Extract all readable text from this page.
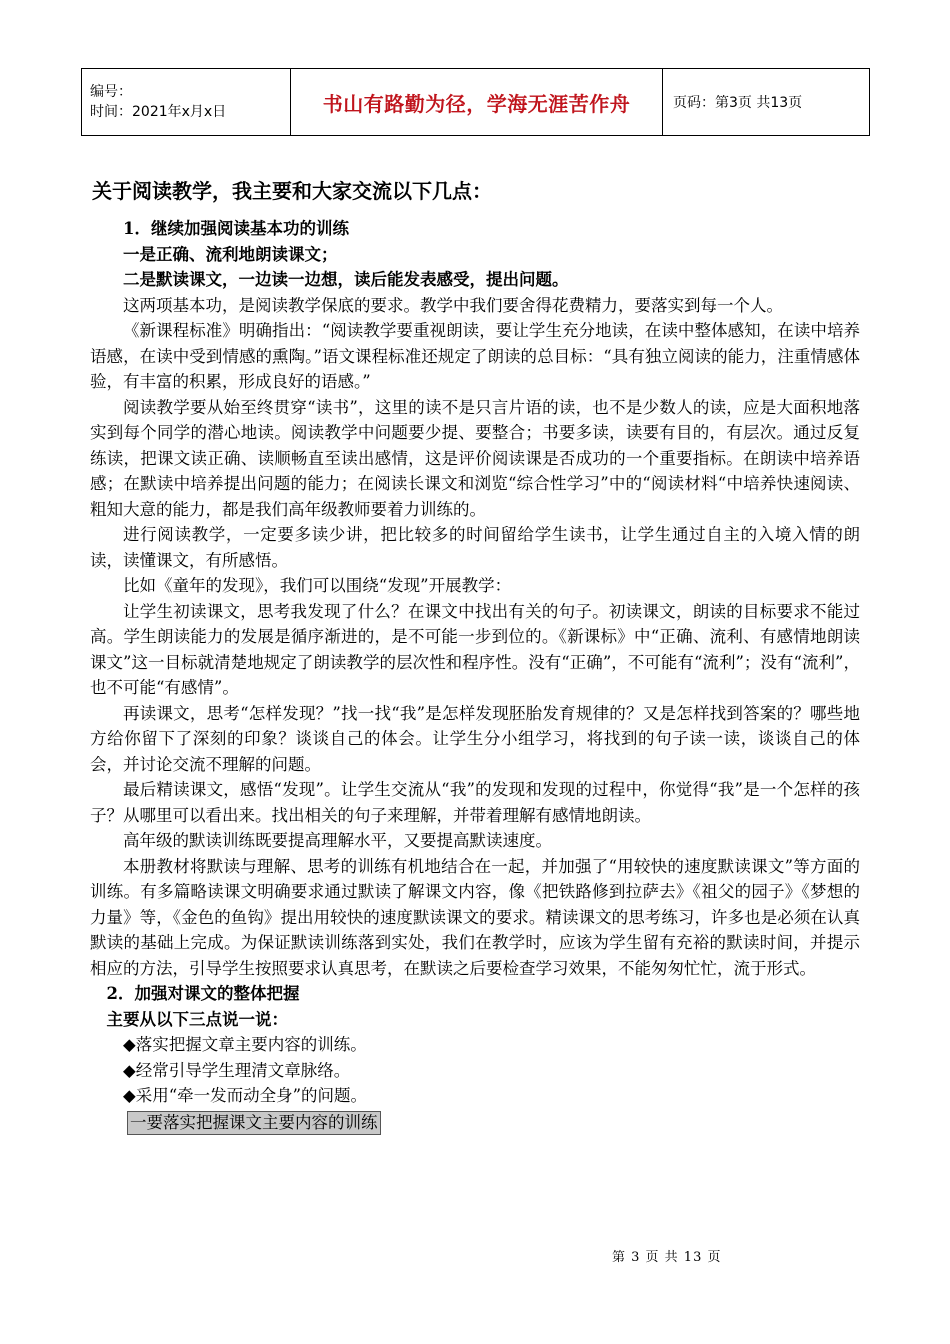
编号：
时间：2021年x月x日	书山有路勤为径，学海无涯苦作舟	页码：第3页 共13页
关于阅读教学，我主要和大家交流以下几点：

1．继续加强阅读基本功的训练

一是正确、流利地朗读课文；

二是默读课文，一边读一边想，读后能发表感受，提出问题。

这两项基本功，是阅读教学保底的要求。教学中我们要舍得花费精力，要落实到每一个人。

《新课程标准》明确指出：“阅读教学要重视朗读，要让学生充分地读，在读中整体感知，在读中培养语感，在读中受到情感的熏陶。”语文课程标准还规定了朗读的总目标：“具有独立阅读的能力，注重情感体验，有丰富的积累，形成良好的语感。”

阅读教学要从始至终贯穿“读书”，这里的读不是只言片语的读，也不是少数人的读，应是大面积地落实到每个同学的潜心地读。阅读教学中问题要少提、要整合；书要多读，读要有目的，有层次。通过反复练读，把课文读正确、读顺畅直至读出感情，这是评价阅读课是否成功的一个重要指标。在朗读中培养语感；在默读中培养提出问题的能力；在阅读长课文和浏览“综合性学习”中的“阅读材料“中培养快速阅读、粗知大意的能力，都是我们高年级教师要着力训练的。

进行阅读教学，一定要多读少讲，把比较多的时间留给学生读书，让学生通过自主的入境入情的朗读，读懂课文，有所感悟。

比如《童年的发现》，我们可以围绕“发现”开展教学：

让学生初读课文，思考我发现了什么？在课文中找出有关的句子。初读课文，朗读的目标要求不能过高。学生朗读能力的发展是循序渐进的，是不可能一步到位的。《新课标》中“正确、流利、有感情地朗读课文”这一目标就清楚地规定了朗读教学的层次性和程序性。没有“正确”，不可能有“流利”；没有“流利”，也不可能“有感情”。

再读课文，思考“怎样发现？”找一找“我”是怎样发现胚胎发育规律的？又是怎样找到答案的？哪些地方给你留下了深刻的印象？谈谈自己的体会。让学生分小组学习，将找到的句子读一读，谈谈自己的体会，并讨论交流不理解的问题。

最后精读课文，感悟“发现”。让学生交流从“我”的发现和发现的过程中，你觉得“我”是一个怎样的孩子？从哪里可以看出来。找出相关的句子来理解，并带着理解有感情地朗读。

高年级的默读训练既要提高理解水平，又要提高默读速度。

本册教材将默读与理解、思考的训练有机地结合在一起，并加强了“用较快的速度默读课文”等方面的训练。有多篇略读课文明确要求通过默读了解课文内容，像《把铁路修到拉萨去》《祖父的园子》《梦想的力量》等，《金色的鱼钩》提出用较快的速度默读课文的要求。精读课文的思考练习，许多也是必须在认真默读的基础上完成。为保证默读训练落到实处，我们在教学时，应该为学生留有充裕的默读时间，并提示相应的方法，引导学生按照要求认真思考，在默读之后要检查学习效果，不能匆匆忙忙，流于形式。

2．加强对课文的整体把握

主要从以下三点说一说：

◆落实把握文章主要内容的训练。

◆经常引导学生理清文章脉络。

◆采用“牵一发而动全身”的问题。

一要落实把握课文主要内容的训练
第 3 页 共 13 页
